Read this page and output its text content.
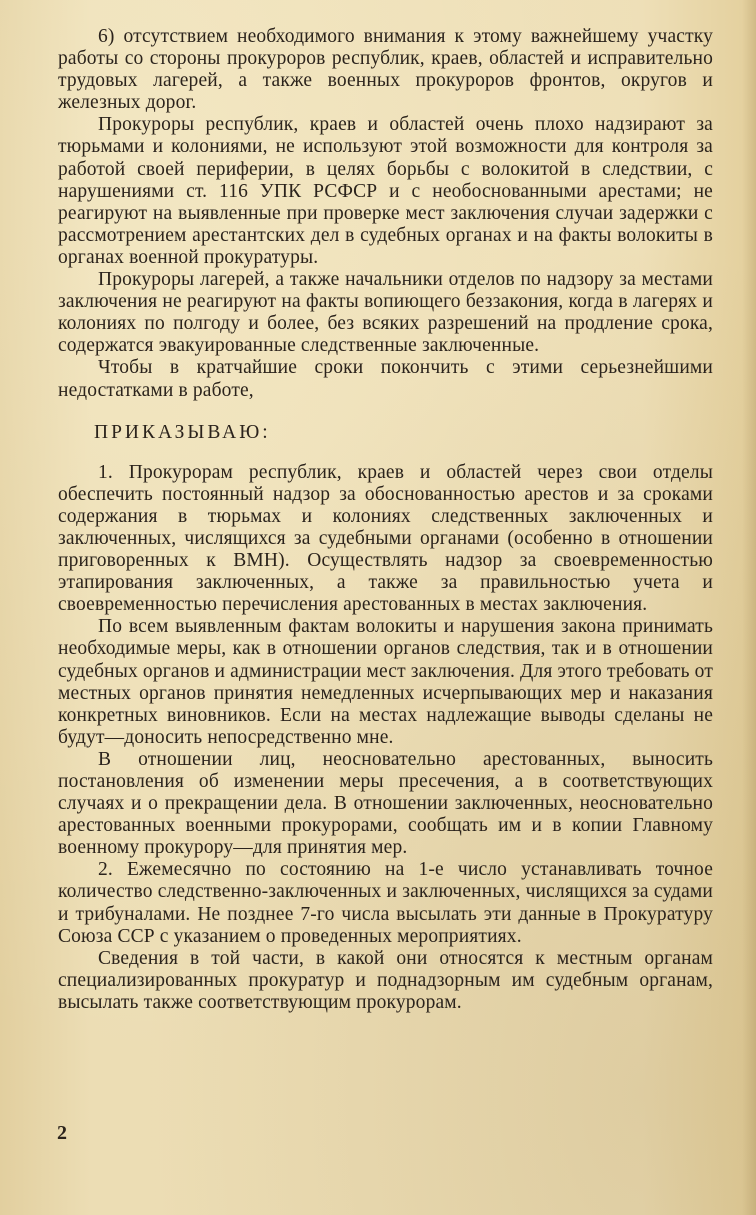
6) отсутствием необходимого внимания к этому важнейшему участку работы со стороны прокуроров республик, краев, областей и исправительно трудовых лагерей, а также военных прокуроров фронтов, округов и железных дорог.

Прокуроры республик, краев и областей очень плохо надзирают за тюрьмами и колониями, не используют этой возможности для контроля за работой своей периферии, в целях борьбы с волокитой в следствии, с нарушениями ст. 116 УПК РСФСР и с необоснованными арестами; не реагируют на выявленные при проверке мест заключения случаи задержки с рассмотрением арестантских дел в судебных органах и на факты волокиты в органах военной прокуратуры.

Прокуроры лагерей, а также начальники отделов по надзору за местами заключения не реагируют на факты вопиющего беззакония, когда в лагерях и колониях по полгоду и более, без всяких разрешений на продление срока, содержатся эвакуированные следственные заключенные.

Чтобы в кратчайшие сроки покончить с этими серьезнейшими недостатками в работе,

ПРИКАЗЫВАЮ:

1. Прокурорам республик, краев и областей через свои отделы обеспечить постоянный надзор за обоснованностью арестов и за сроками содержания в тюрьмах и колониях следственных заключенных и заключенных, числящихся за судебными органами (особенно в отношении приговоренных к ВМН). Осуществлять надзор за своевременностью этапирования заключенных, а также за правильностью учета и своевременностью перечисления арестованных в местах заключения.

По всем выявленным фактам волокиты и нарушения закона принимать необходимые меры, как в отношении органов следствия, так и в отношении судебных органов и администрации мест заключения. Для этого требовать от местных органов принятия немедленных исчерпывающих мер и наказания конкретных виновников. Если на местах надлежащие выводы сделаны не будут—доносить непосредственно мне.

В отношении лиц, неосновательно арестованных, выносить постановления об изменении меры пресечения, а в соответствующих случаях и о прекращении дела. В отношении заключенных, неосновательно арестованных военными прокурорами, сообщать им и в копии Главному военному прокурору—для принятия мер.

2. Ежемесячно по состоянию на 1-е число устанавливать точное количество следственно-заключенных и заключенных, числящихся за судами и трибуналами. Не позднее 7-го числа высылать эти данные в Прокуратуру Союза ССР с указанием о проведенных мероприятиях.

Сведения в той части, в какой они относятся к местным органам специализированных прокуратур и поднадзорным им судебным органам, высылать также соответствующим прокурорам.

2
